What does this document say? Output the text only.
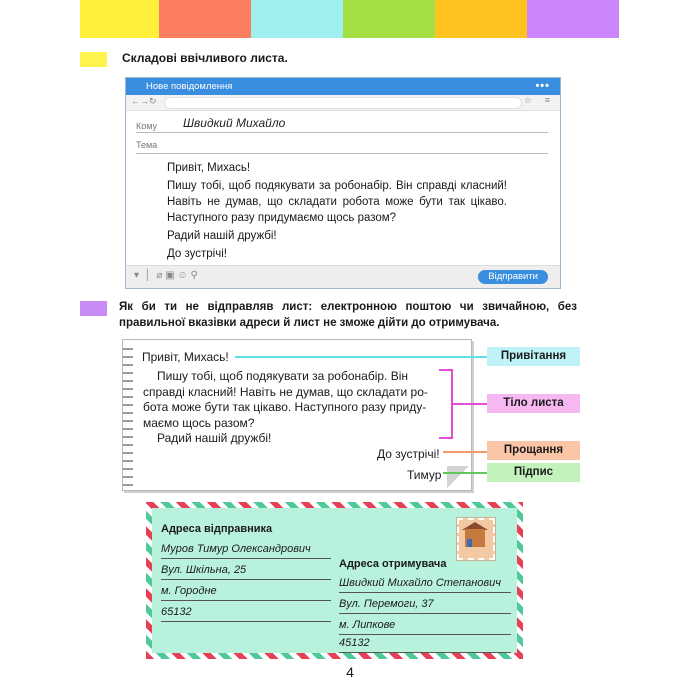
Складові ввічливого листа.
Нове повідомлення	•••
←→↻	☆ ≡
Кому Швидкий Михайло
Тема

Привіт, Михась!

Пишу тобі, щоб подякувати за робонабір. Він справді класний! Навіть не думав, що складати робота може бути так цікаво. Наступного разу придумаємо щось разом?

Радий нашій дружбі!

До зустрічі!

▾  │  ⌀ ▣ ☺ ⚲	Відправити
Як би ти не відправляв лист: електронною поштою чи звичайною, без правильної вказівки адреси й лист не зможе дійти до отримувача.
Привіт, Михась!

Пишу тобі, щоб подякувати за робонабір. Він

справді класний! Навіть не думав, що складати ро-

бота може бути так цікаво. Наступного разу приду-

маємо щось разом?

Радий нашій дружбі!

До зустрічі!
Тимур
Привітання
Тіло листа
Прощання
Підпис
Адреса відправника
Муров Тимур Олександрович
Вул. Шкільна, 25
м. Городне
65132
Адреса отримувача
Швидкий Михайло Степанович
Вул. Перемоги, 37
м. Липкове
45132
4
